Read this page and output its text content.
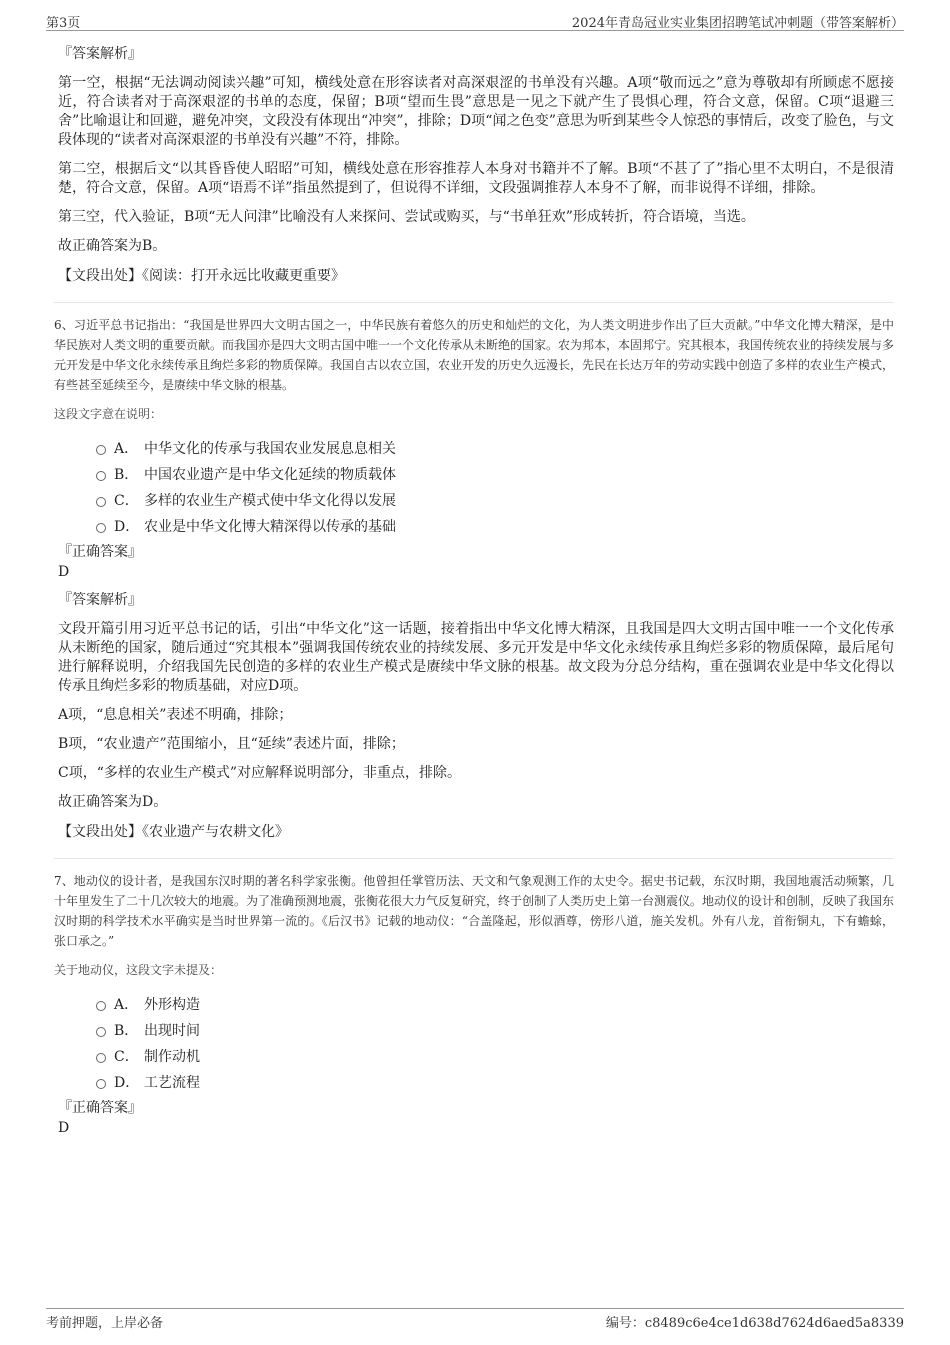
第3页	2024年青岛冠业实业集团招聘笔试冲刺题（带答案解析）
『答案解析』

第一空，根据“无法调动阅读兴趣”可知，横线处意在形容读者对高深艰涩的书单没有兴趣。A项“敬而远之”意为尊敬却有所顾虑不愿接近，符合读者对于高深艰涩的书单的态度，保留；B项“望而生畏”意思是一见之下就产生了畏惧心理，符合文意，保留。C项“退避三舍”比喻退让和回避，避免冲突，文段没有体现出“冲突”，排除；D项“闻之色变”意思为听到某些令人惊恐的事情后，改变了脸色，与文段体现的“读者对高深艰涩的书单没有兴趣”不符，排除。

第二空，根据后文“以其昏昏使人昭昭”可知，横线处意在形容推荐人本身对书籍并不了解。B项“不甚了了”指心里不太明白，不是很清楚，符合文意，保留。A项“语焉不详”指虽然提到了，但说得不详细，文段强调推荐人本身不了解，而非说得不详细，排除。

第三空，代入验证，B项“无人问津”比喻没有人来探问、尝试或购买，与“书单狂欢”形成转折，符合语境，当选。

故正确答案为B。

【文段出处】《阅读：打开永远比收藏更重要》

6、习近平总书记指出：“我国是世界四大文明古国之一，中华民族有着悠久的历史和灿烂的文化，为人类文明进步作出了巨大贡献。”中华文化博大精深，是中华民族对人类文明的重要贡献。而我国亦是四大文明古国中唯一一个文化传承从未断绝的国家。农为邦本，本固邦宁。究其根本，我国传统农业的持续发展与多元开发是中华文化永续传承且绚烂多彩的物质保障。我国自古以农立国，农业开发的历史久远漫长，先民在长达万年的劳动实践中创造了多样的农业生产模式，有些甚至延续至今，是赓续中华文脉的根基。

这段文字意在说明：
A． 中华文化的传承与我国农业发展息息相关
B． 中国农业遗产是中华文化延续的物质载体
C． 多样的农业生产模式使中华文化得以发展
D． 农业是中华文化博大精深得以传承的基础
『正确答案』
D
『答案解析』

文段开篇引用习近平总书记的话，引出“中华文化”这一话题，接着指出中华文化博大精深，且我国是四大文明古国中唯一一个文化传承从未断绝的国家，随后通过“究其根本”强调我国传统农业的持续发展、多元开发是中华文化永续传承且绚烂多彩的物质保障，最后尾句进行解释说明，介绍我国先民创造的多样的农业生产模式是赓续中华文脉的根基。故文段为分总分结构，重在强调农业是中华文化得以传承且绚烂多彩的物质基础，对应D项。

A项，“息息相关”表述不明确，排除；

B项，“农业遗产”范围缩小，且“延续”表述片面，排除；

C项，“多样的农业生产模式”对应解释说明部分，非重点，排除。

故正确答案为D。

【文段出处】《农业遗产与农耕文化》

7、地动仪的设计者，是我国东汉时期的著名科学家张衡。他曾担任掌管历法、天文和气象观测工作的太史令。据史书记载，东汉时期，我国地震活动频繁，几十年里发生了二十几次较大的地震。为了准确预测地震，张衡花很大力气反复研究，终于创制了人类历史上第一台测震仪。地动仪的设计和创制，反映了我国东汉时期的科学技术水平确实是当时世界第一流的。《后汉书》记载的地动仪：“合盖隆起，形似酒尊，傍形八道，施关发机。外有八龙，首衔铜丸，下有蟾蜍，张口承之。”

关于地动仪，这段文字未提及：
A． 外形构造
B． 出现时间
C． 制作动机
D． 工艺流程
『正确答案』
D
考前押题，上岸必备	编号：c8489c6e4ce1d638d7624d6aed5a8339
